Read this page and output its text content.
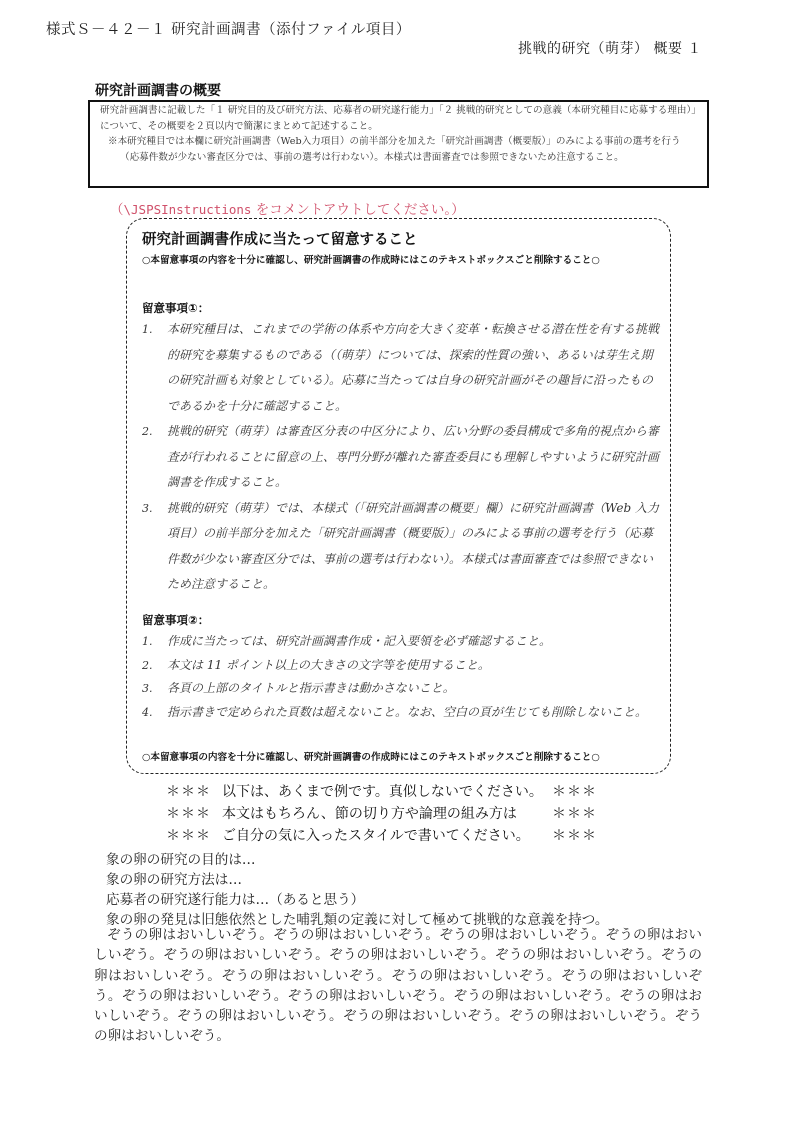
様式Ｓ－４２－１ 研究計画調書（添付ファイル項目）
挑戦的研究（萌芽） 概要 １
研究計画調書の概要

研究計画調書に記載した「１ 研究目的及び研究方法、応募者の研究遂行能力」「２ 挑戦的研究としての意義（本研究種目に応募する理由）」について、その概要を２頁以内で簡潔にまとめて記述すること。

※本研究種目では本欄に研究計画調書（Web入力項目）の前半部分を加えた「研究計画調書（概要版）」のみによる事前の選考を行う（応募件数が少ない審査区分では、事前の選考は行わない）。本様式は書面審査では参照できないため注意すること。

（\JSPSInstructions をコメントアウトしてください。）
研究計画調書作成に当たって留意すること
○本留意事項の内容を十分に確認し、研究計画調書の作成時にはこのテキストボックスごと削除すること○
留意事項①：
1. 本研究種目は、これまでの学術の体系や方向を大きく変革・転換させる潜在性を有する挑戦的研究を募集するものである（（萌芽）については、探索的性質の強い、あるいは芽生え期の研究計画も対象としている）。応募に当たっては自身の研究計画がその趣旨に沿ったものであるかを十分に確認すること。
2. 挑戦的研究（萌芽）は審査区分表の中区分により、広い分野の委員構成で多角的視点から審査が行われることに留意の上、専門分野が離れた審査委員にも理解しやすいように研究計画調書を作成すること。
3. 挑戦的研究（萌芽）では、本様式（「研究計画調書の概要」欄）に研究計画調書（Web 入力項目）の前半部分を加えた「研究計画調書（概要版）」のみによる事前の選考を行う（応募件数が少ない審査区分では、事前の選考は行わない）。本様式は書面審査では参照できないため注意すること。
留意事項②：
1. 作成に当たっては、研究計画調書作成・記入要領を必ず確認すること。
2. 本文は 11 ポイント以上の大きさの文字等を使用すること。
3. 各頁の上部のタイトルと指示書きは動かさないこと。
4. 指示書きで定められた頁数は超えないこと。なお、空白の頁が生じても削除しないこと。
○本留意事項の内容を十分に確認し、研究計画調書の作成時にはこのテキストボックスごと削除すること○
＊＊＊ 以下は、あくまで例です。真似しないでください。 ＊＊＊
＊＊＊ 本文はもちろん、節の切り方や論理の組み方は	＊＊＊
＊＊＊ ご自分の気に入ったスタイルで書いてください。 ＊＊＊
象の卵の研究の目的は…
象の卵の研究方法は…
応募者の研究遂行能力は…（あると思う）
象の卵の発見は旧態依然とした哺乳類の定義に対して極めて挑戦的な意義を持つ。
ぞうの卵はおいしいぞう。ぞうの卵はおいしいぞう。ぞうの卵はおいしいぞう。ぞうの卵はおいしいぞう。ぞうの卵はおいしいぞう。ぞうの卵はおいしいぞう。ぞうの卵はおいしいぞう。ぞうの卵はおいしいぞう。ぞうの卵はおいしいぞう。ぞうの卵はおいしいぞう。ぞうの卵はおいしいぞう。ぞうの卵はおいしいぞう。ぞうの卵はおいしいぞう。ぞうの卵はおいしいぞう。ぞうの卵はおいしいぞう。ぞうの卵はおいしいぞう。ぞうの卵はおいしいぞう。ぞうの卵はおいしいぞう。ぞうの卵はおいしいぞう。
